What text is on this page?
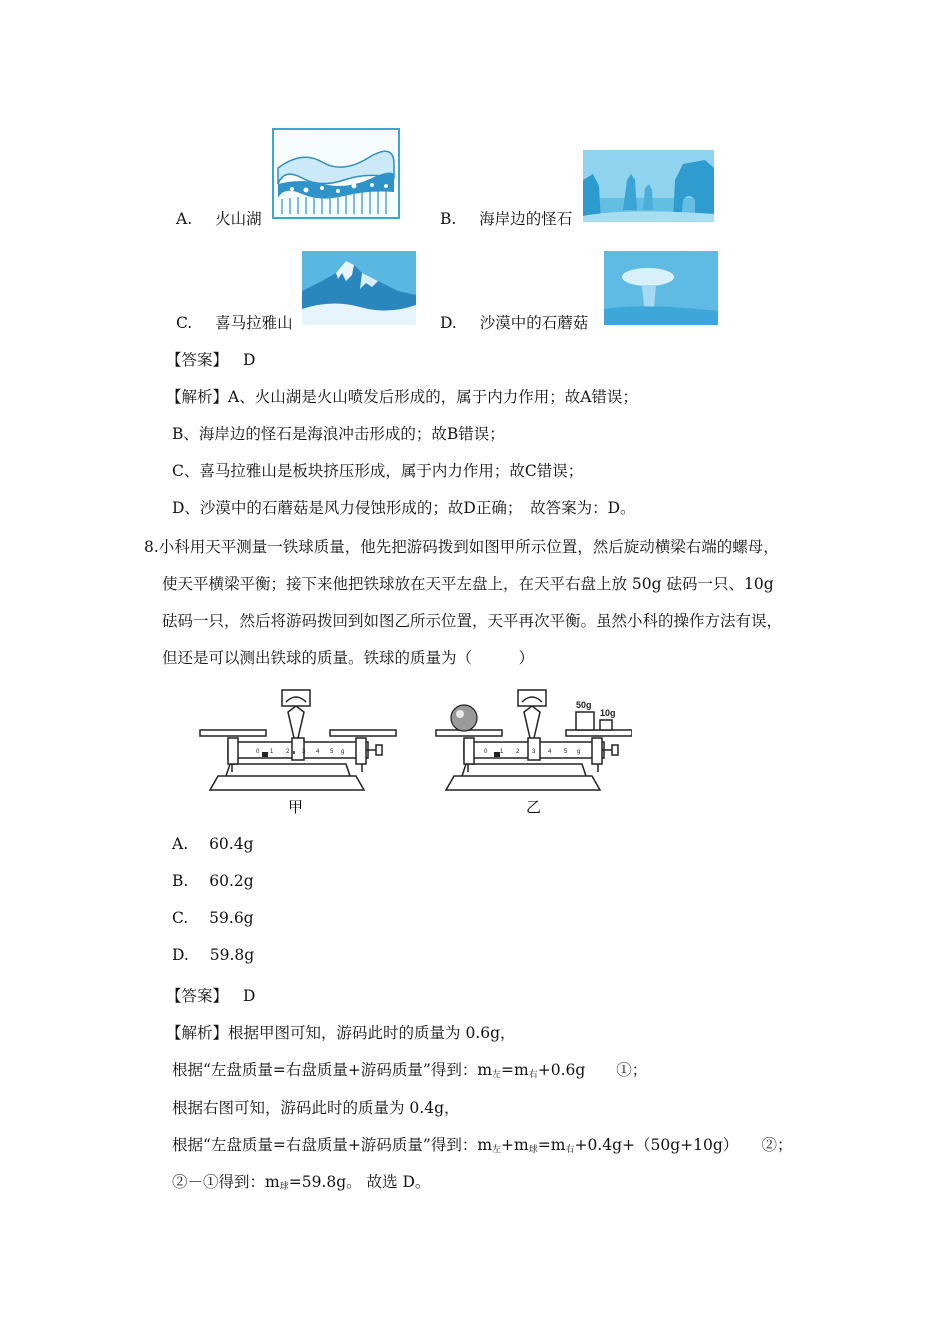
A. 火山湖	B. 海岸边的怪石
C. 喜马拉雅山	D. 沙漠中的石蘑菇
【答案】 D
【解析】A、火山湖是火山喷发后形成的，属于内力作用；故A错误；
B、海岸边的怪石是海浪冲击形成的；故B错误；
C、喜马拉雅山是板块挤压形成，属于内力作用；故C错误；
D、沙漠中的石蘑菇是风力侵蚀形成的；故D正确；　故答案为：D。
8.小科用天平测量一铁球质量，他先把游码拨到如图甲所示位置，然后旋动横梁右端的螺母，
使天平横梁平衡；接下来他把铁球放在天平左盘上，在天平右盘上放 50g 砝码一只、10g
砝码一只，然后将游码拨回到如图乙所示位置，天平再次平衡。虽然小科的操作方法有误，
但还是可以测出铁球的质量。铁球的质量为（　　　）
0 1 2 3 4 5 g
甲
0 1 2 3 4 5 g
50g
10g
乙
A. 60.4g
B. 60.2g
C. 59.6g
D. 59.8g
【答案】 D
【解析】根据甲图可知，游码此时的质量为 0.6g，
根据“左盘质量=右盘质量+游码质量”得到：$m_左=m_右+0.6g$　　①；
根据右图可知，游码此时的质量为 0.4g，
根据“左盘质量=右盘质量+游码质量”得到：$m_左+m_球=m_右+0.4g+(50g+10g)$　　②；
②－①得到：$m_球=59.8g$。 故选 D。
